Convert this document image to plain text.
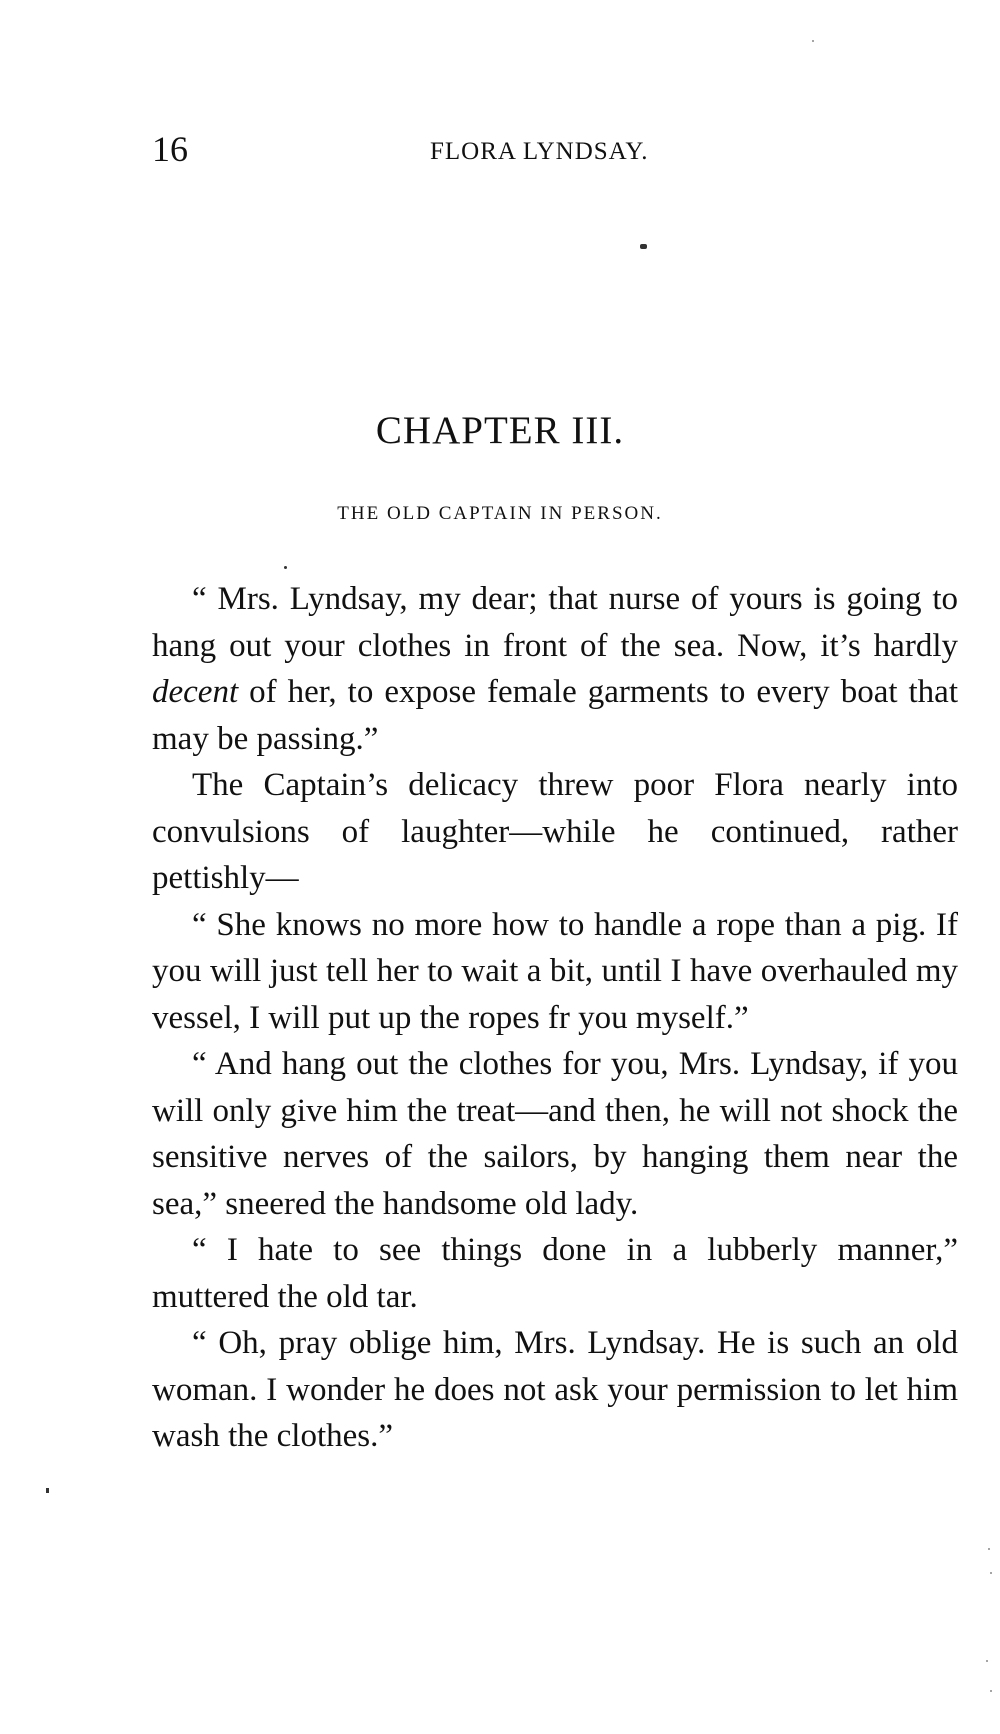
16	FLORA LYNDSAY.
CHAPTER III.
THE OLD CAPTAIN IN PERSON.

“ Mrs. Lyndsay, my dear; that nurse of yours is going to hang out your clothes in front of the sea. Now, it’s hardly decent of her, to expose female garments to every boat that may be passing.”

The Captain’s delicacy threw poor Flora nearly into convulsions of laughter—while he continued, rather pettishly—

“ She knows no more how to handle a rope than a pig. If you will just tell her to wait a bit, until I have overhauled my vessel, I will put up the ropes fr you myself.”

“ And hang out the clothes for you, Mrs. Lyndsay, if you will only give him the treat—and then, he will not shock the sensitive nerves of the sailors, by hanging them near the sea,” sneered the handsome old lady.

“ I hate to see things done in a lubberly manner,” muttered the old tar.

“ Oh, pray oblige him, Mrs. Lyndsay. He is such an old woman. I wonder he does not ask your permission to let him wash the clothes.”
